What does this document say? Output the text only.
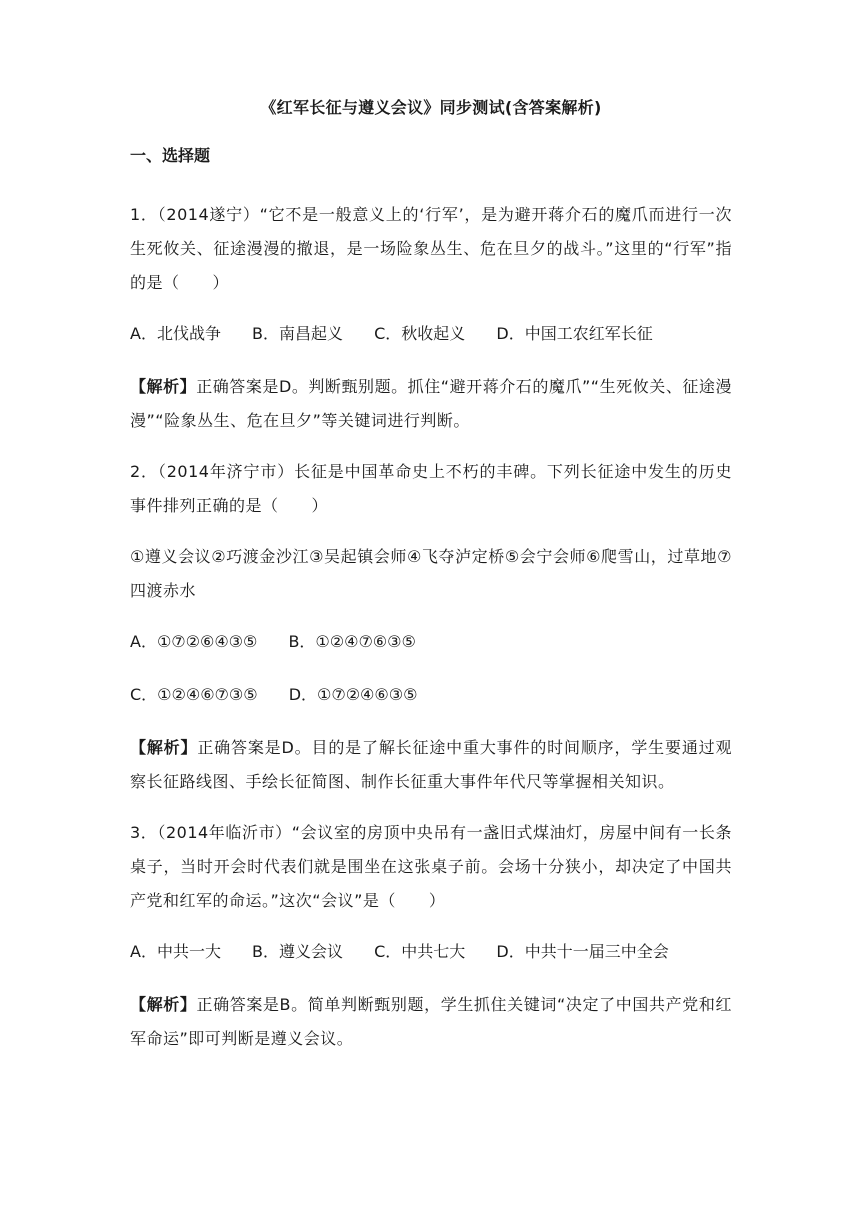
《红军长征与遵义会议》同步测试(含答案解析)
一、选择题
1．（2014遂宁）“它不是一般意义上的‘行军’，是为避开蒋介石的魔爪而进行一次生死攸关、征途漫漫的撤退，是一场险象丛生、危在旦夕的战斗。”这里的“行军”指的是（　　）
A．北伐战争 B．南昌起义 C．秋收起义 D．中国工农红军长征
【解析】正确答案是D。判断甄别题。抓住“避开蒋介石的魔爪”“生死攸关、征途漫漫”“险象丛生、危在旦夕”等关键词进行判断。
2．（2014年济宁市）长征是中国革命史上不朽的丰碑。下列长征途中发生的历史事件排列正确的是（　　）
①遵义会议②巧渡金沙江③吴起镇会师④飞夺泸定桥⑤会宁会师⑥爬雪山，过草地⑦四渡赤水
A．①⑦②⑥④③⑤ B．①②④⑦⑥③⑤
C．①②④⑥⑦③⑤ D．①⑦②④⑥③⑤
【解析】正确答案是D。目的是了解长征途中重大事件的时间顺序，学生要通过观察长征路线图、手绘长征简图、制作长征重大事件年代尺等掌握相关知识。
3．（2014年临沂市）“会议室的房顶中央吊有一盏旧式煤油灯，房屋中间有一长条桌子，当时开会时代表们就是围坐在这张桌子前。会场十分狭小，却决定了中国共产党和红军的命运。”这次“会议”是（　　）
A．中共一大 B．遵义会议 C．中共七大 D．中共十一届三中全会
【解析】正确答案是B。简单判断甄别题，学生抓住关键词“决定了中国共产党和红军命运”即可判断是遵义会议。
